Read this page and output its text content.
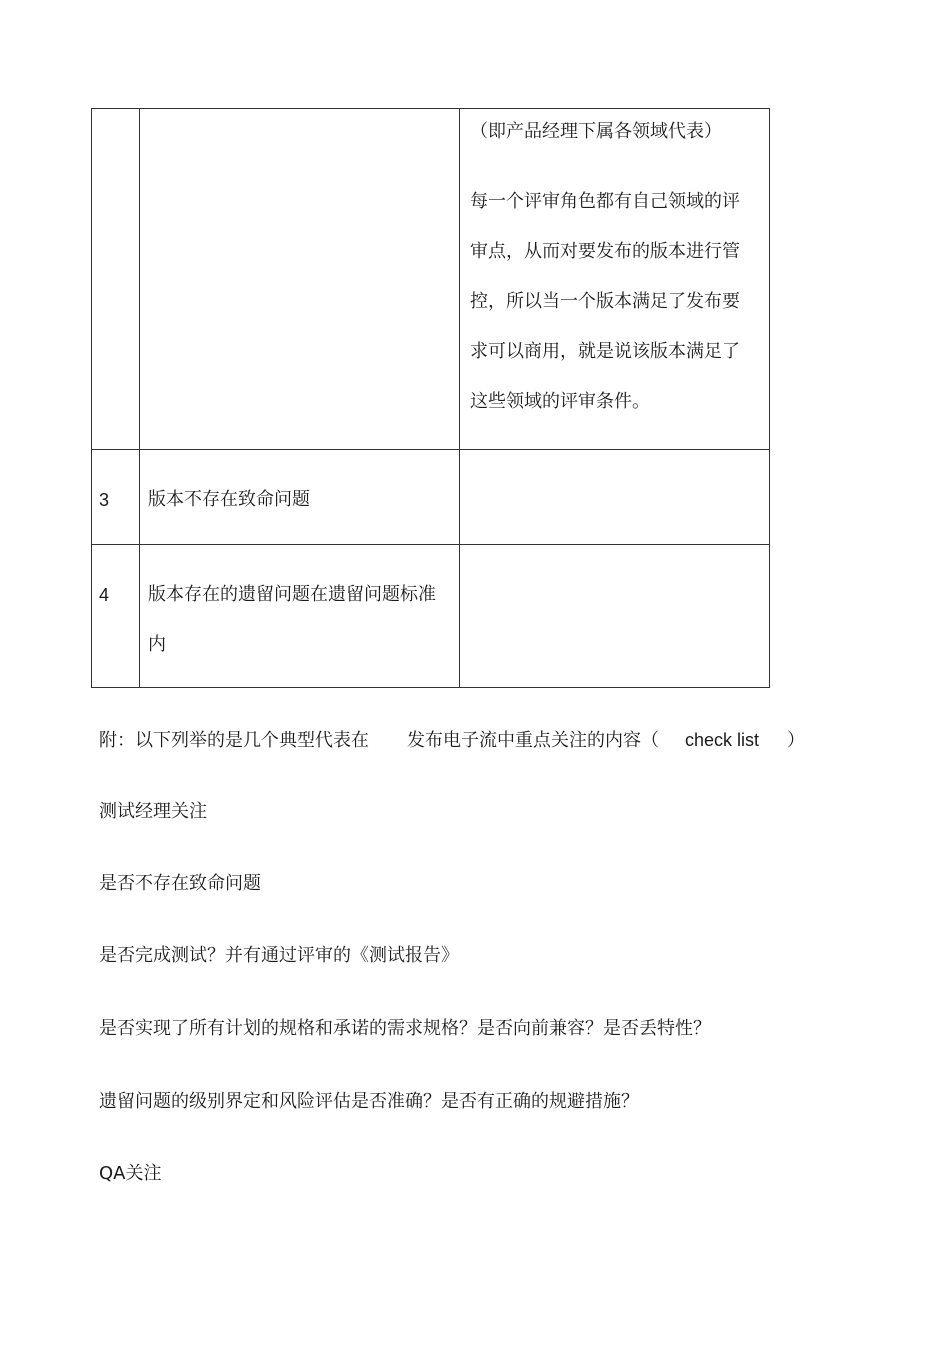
		（即产品经理下属各领域代表）
每一个评审角色都有自己领域的评审点，从而对要发布的版本进行管控，所以当一个版本满足了发布要求可以商用，就是说该版本满足了这些领域的评审条件。

3	版本不存在致命问题	

4	版本存在的遗留问题在遗留问题标准内	

附：以下列举的是几个典型代表在 发布电子流中重点关注的内容（ check list ）
测试经理关注
是否不存在致命问题
是否完成测试？并有通过评审的《测试报告》
是否实现了所有计划的规格和承诺的需求规格？是否向前兼容？是否丢特性？
遗留问题的级别界定和风险评估是否准确？是否有正确的规避措施？
QA关注
